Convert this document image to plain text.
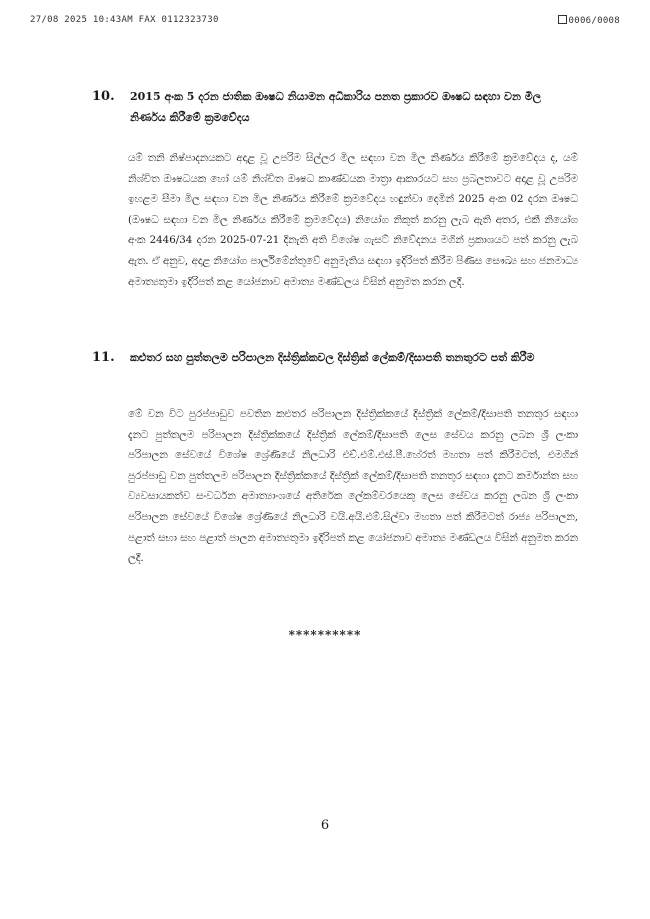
27/08 2025 10:43AM FAX 0112323730	0006/0008
10. 2015 අංක 5 දරන ජාතික ඖෂධ නියාමන අධිකාරිය පනත ප්‍රකාරව ඖෂධ සඳහා වන මිල නිර්ණය කිරීමේ ක්‍රමවේදය

යම් තනි නිෂ්පාදනයකට අදාළ වූ උපරිම සිල්ලර මිල සඳහා වන මිල නිර්ණය කිරීමේ ක්‍රමවේදය ද, යම් නිශ්චිත ඖෂධයක හෝ යම් නිශ්චිත ඖෂධ කාණ්ඩයක මාත්‍රා ආකාරයට සහ ප්‍රබලතාවට අදාළ වූ උපරිම ඉහළම සීමා මිල සඳහා වන මිල නිර්ණය කිරීමේ ක්‍රමවේදය හඳුන්වා දෙමින් 2025 අංක 02 දරන ඖෂධ (ඖෂධ සඳහා වන මිල නිර්ණය කිරීමේ ක්‍රමවේදය) නියෝග නිකුත් කරනු ලැබ ඇති අතර, එකී නියෝග අංක 2446/34 දරන 2025-07-21 දිනැති අති විශේෂ ගැසට් නිවේදනය මගින් ප්‍රකාශයට පත් කරනු ලැබ ඇත. ඒ අනුව, අදාළ නියෝග පාර්ලිමේන්තුවේ අනුමැතිය සඳහා ඉදිරිපත් කිරීම පිණිස සෞඛ්‍ය සහ ජනමාධ්‍ය අමාත්‍යතුමා ඉදිරිපත් කළ යෝජනාව අමාත්‍ය මණ්ඩලය විසින් අනුමත කරන ලදී.

11. කළුතර සහ පුත්තලම පරිපාලන දිස්ත්‍රික්කවල දිස්ත්‍රික් ලේකම්/දිසාපති තනතුරට පත් කිරීම

මේ වන විට පුරප්පාඩුව පවතින කළුතර පරිපාලන දිස්ත්‍රික්කයේ දිස්ත්‍රික් ලේකම්/දිසාපති තනතුර සඳහා දැනට පුත්තලම පරිපාලන දිස්ත්‍රික්කයේ දිස්ත්‍රික් ලේකම්/දිසාපති ලෙස සේවය කරනු ලබන ශ්‍රී ලංකා පරිපාලන සේවයේ විශේෂ ශ්‍රේණියේ නිලධාරි එච්.එම්.එස්.පී.හේරත් මහතා පත් කිරීමටත්, එමගින් පුරප්පාඩු වන පුත්තලම පරිපාලන දිස්ත්‍රික්කයේ දිස්ත්‍රික් ලේකම්/දිසාපති තනතුර සඳහා දැනට කර්මාන්ත සහ ව්‍යවසායකත්ව සංවර්ධන අමාත්‍යාංශයේ අතිරේක ලේකම්වරයෙකු ලෙස සේවය කරනු ලබන ශ්‍රී ලංකා පරිපාලන සේවයේ විශේෂ ශ්‍රේණියේ නිලධාරි වයි.අයි.එම්.සිල්වා මහතා පත් කිරීමටත් රාජ්‍ය පරිපාලන, පළාත් සභා සහ පළාත් පාලන අමාත්‍යතුමා ඉදිරිපත් කළ යෝජනාව අමාත්‍ය මණ්ඩලය විසින් අනුමත කරන ලදී.

**********
6
